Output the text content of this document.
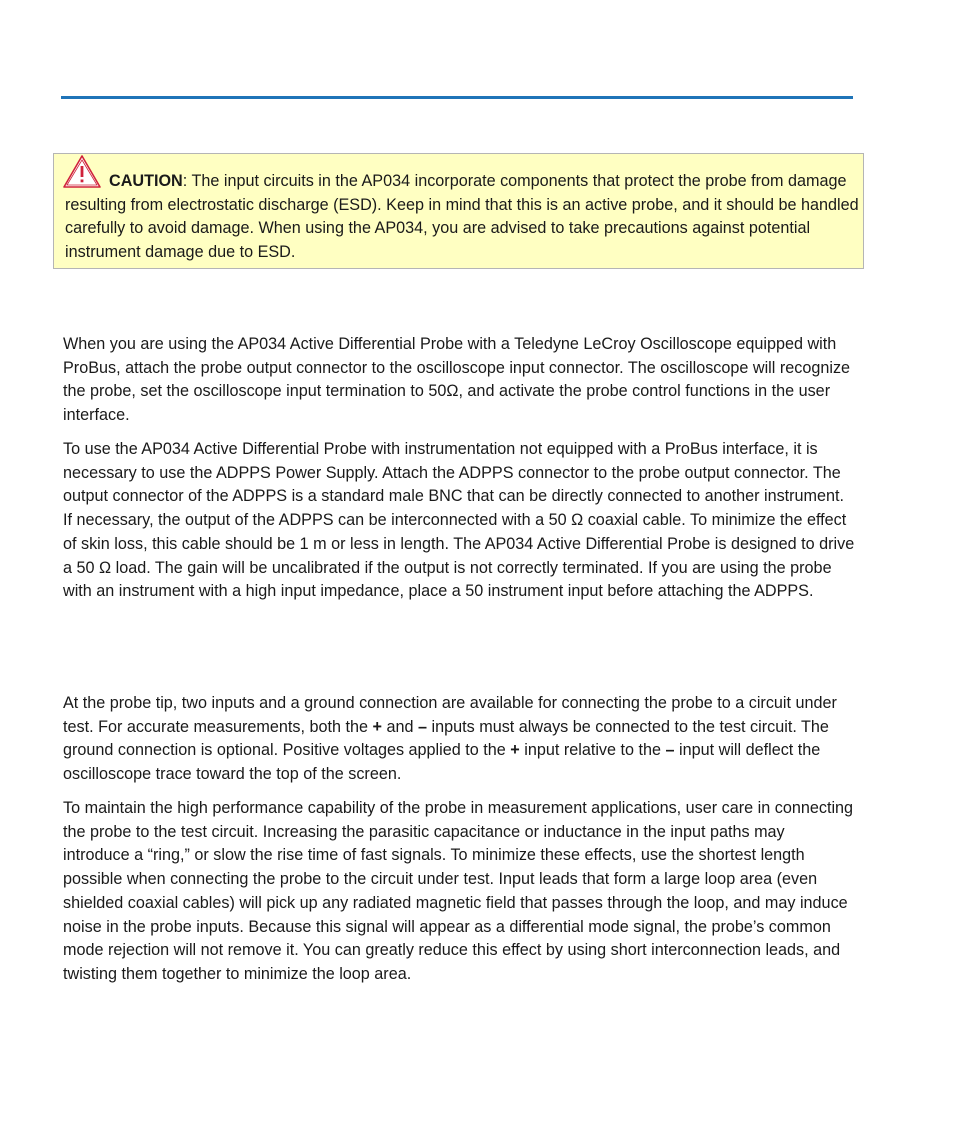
CAUTION: The input circuits in the AP034 incorporate components that protect the probe from damage resulting from electrostatic discharge (ESD). Keep in mind that this is an active probe, and it should be handled carefully to avoid damage. When using the AP034, you are advised to take precautions against potential instrument damage due to ESD.

When you are using the AP034 Active Differential Probe with a Teledyne LeCroy Oscilloscope equipped with ProBus, attach the probe output connector to the oscilloscope input connector. The oscilloscope will recognize the probe, set the oscilloscope input termination to 50Ω, and activate the probe control functions in the user interface.

To use the AP034 Active Differential Probe with instrumentation not equipped with a ProBus interface, it is necessary to use the ADPPS Power Supply. Attach the ADPPS connector to the probe output connector. The output connector of the ADPPS is a standard male BNC that can be directly connected to another instrument. If necessary, the output of the ADPPS can be interconnected with a 50 Ω coaxial cable. To minimize the effect of skin loss, this cable should be 1 m or less in length. The AP034 Active Differential Probe is designed to drive a 50 Ω load. The gain will be uncalibrated if the output is not correctly terminated. If you are using the probe with an instrument with a high input impedance, place a 50 instrument input before attaching the ADPPS.

At the probe tip, two inputs and a ground connection are available for connecting the probe to a circuit under test. For accurate measurements, both the + and – inputs must always be connected to the test circuit. The ground connection is optional. Positive voltages applied to the + input relative to the – input will deflect the oscilloscope trace toward the top of the screen.

To maintain the high performance capability of the probe in measurement applications, user care in connecting the probe to the test circuit. Increasing the parasitic capacitance or inductance in the input paths may introduce a “ring,” or slow the rise time of fast signals. To minimize these effects, use the shortest length possible when connecting the probe to the circuit under test. Input leads that form a large loop area (even shielded coaxial cables) will pick up any radiated magnetic field that passes through the loop, and may induce noise in the probe inputs. Because this signal will appear as a differential mode signal, the probe’s common mode rejection will not remove it. You can greatly reduce this effect by using short interconnection leads, and twisting them together to minimize the loop area.
